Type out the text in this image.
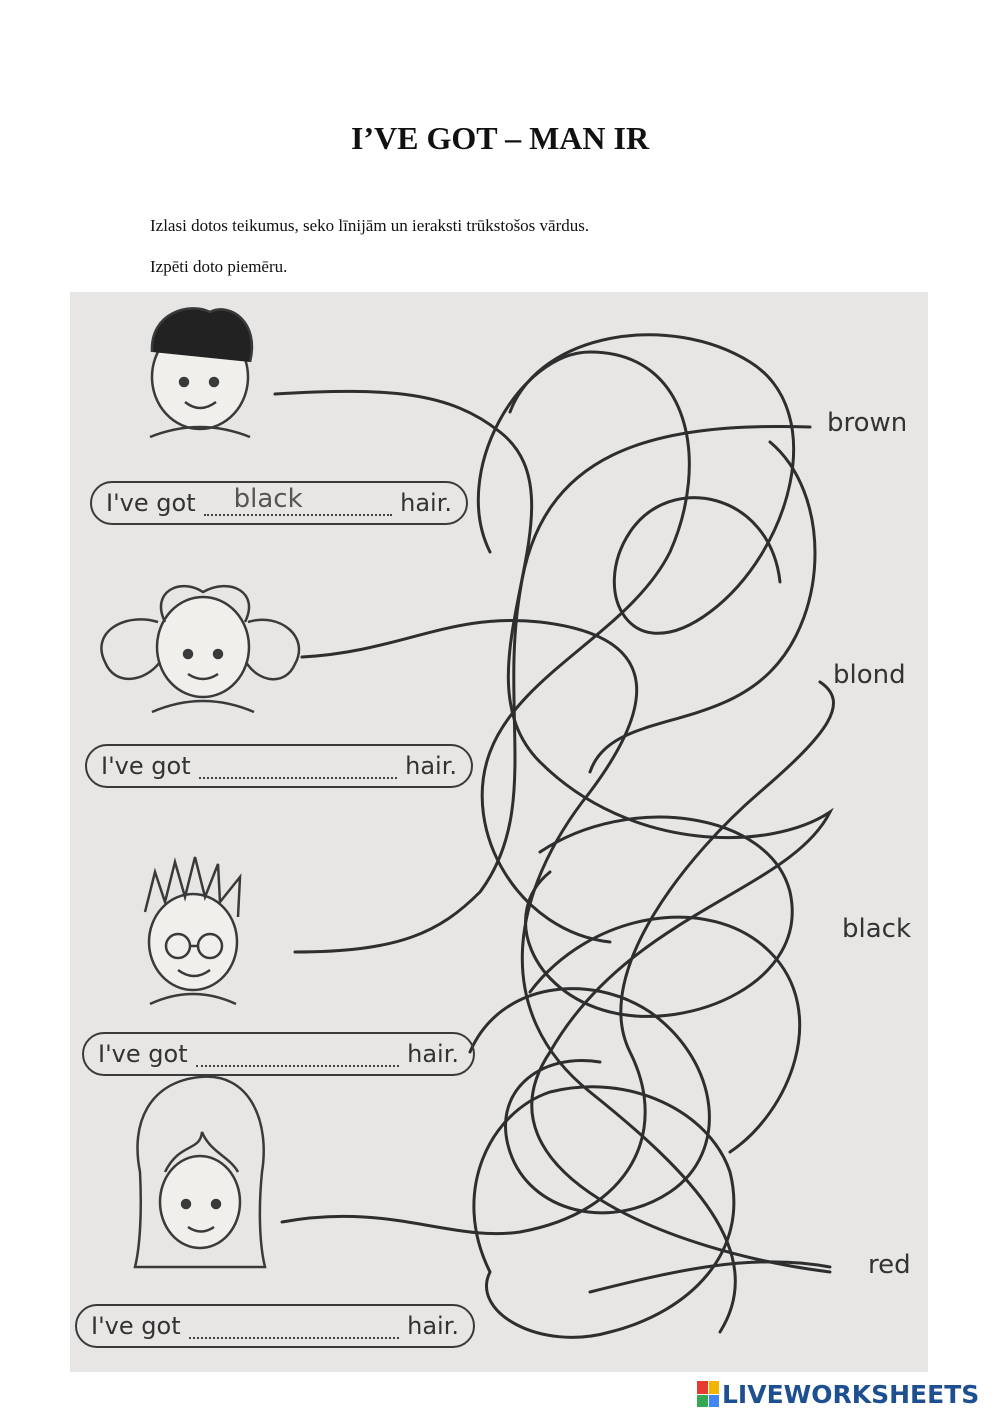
I’VE GOT – MAN IR
Izlasi dotos teikumus, seko līnijām un ieraksti trūkstošos vārdus.
Izpēti doto piemēru.
I've got black	hair.
I've got	hair.
I've got	hair.
I've got	hair.
brown
blond
black
red
LIVEWORKSHEETS
